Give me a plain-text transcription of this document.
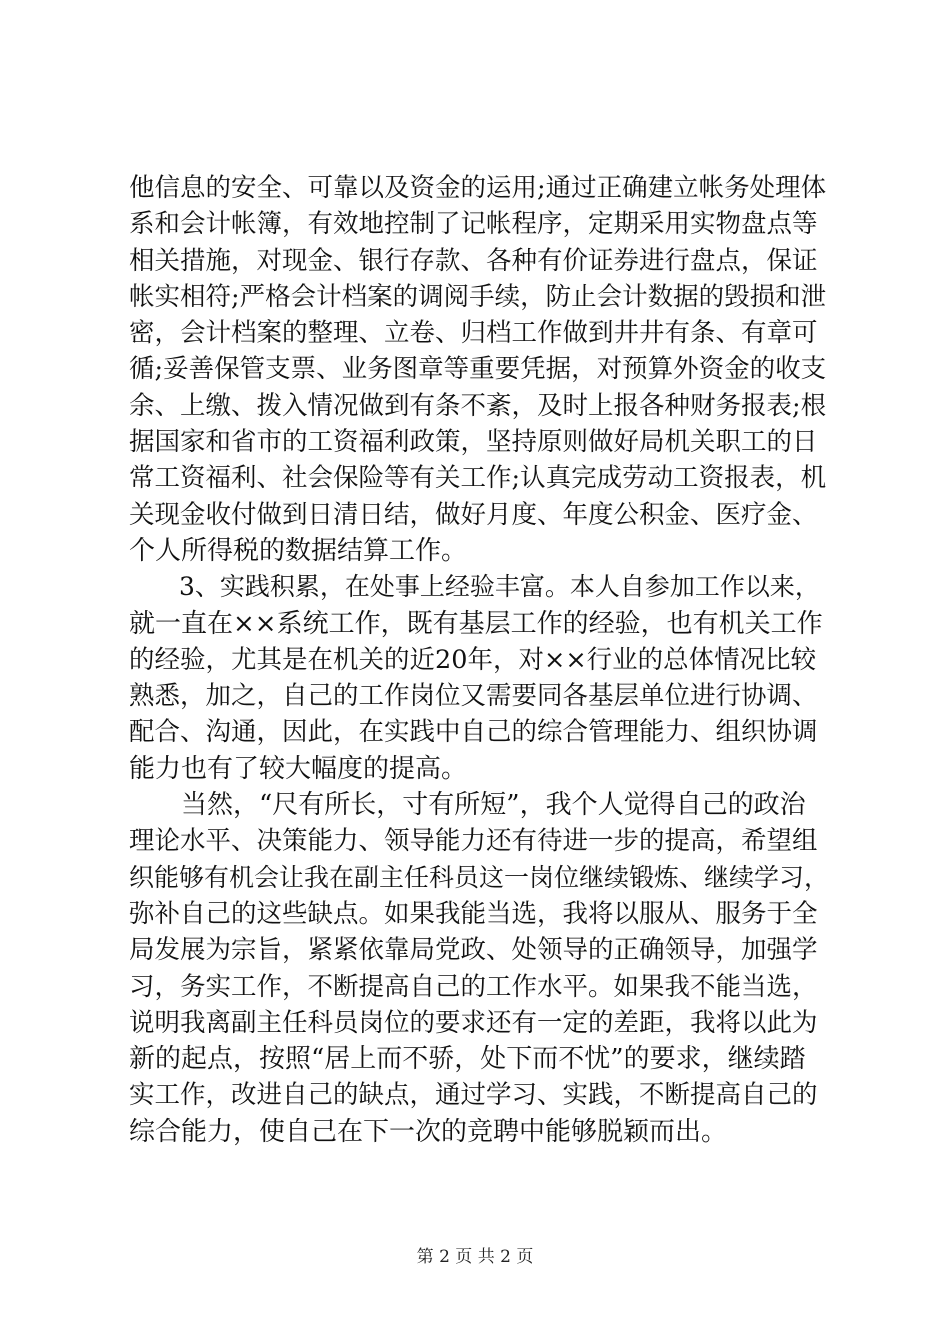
他信息的安全、可靠以及资金的运用;通过正确建立帐务处理体
系和会计帐簿，有效地控制了记帐程序，定期采用实物盘点等
相关措施，对现金、银行存款、各种有价证券进行盘点，保证
帐实相符;严格会计档案的调阅手续，防止会计数据的毁损和泄
密，会计档案的整理、立卷、归档工作做到井井有条、有章可
循;妥善保管支票、业务图章等重要凭据，对预算外资金的收支
余、上缴、拨入情况做到有条不紊，及时上报各种财务报表;根
据国家和省市的工资福利政策，坚持原则做好局机关职工的日
常工资福利、社会保险等有关工作;认真完成劳动工资报表，机
关现金收付做到日清日结，做好月度、年度公积金、医疗金、
个人所得税的数据结算工作。
　　3、实践积累，在处事上经验丰富。本人自参加工作以来，
就一直在××系统工作，既有基层工作的经验，也有机关工作
的经验，尤其是在机关的近20年，对××行业的总体情况比较
熟悉，加之，自己的工作岗位又需要同各基层单位进行协调、
配合、沟通，因此，在实践中自己的综合管理能力、组织协调
能力也有了较大幅度的提高。
　　当然，“尺有所长，寸有所短”，我个人觉得自己的政治
理论水平、决策能力、领导能力还有待进一步的提高，希望组
织能够有机会让我在副主任科员这一岗位继续锻炼、继续学习，
弥补自己的这些缺点。如果我能当选，我将以服从、服务于全
局发展为宗旨，紧紧依靠局党政、处领导的正确领导，加强学
习，务实工作，不断提高自己的工作水平。如果我不能当选，
说明我离副主任科员岗位的要求还有一定的差距，我将以此为
新的起点，按照“居上而不骄，处下而不忧”的要求，继续踏
实工作，改进自己的缺点，通过学习、实践，不断提高自己的
综合能力，使自己在下一次的竞聘中能够脱颖而出。
第 2 页 共 2 页
